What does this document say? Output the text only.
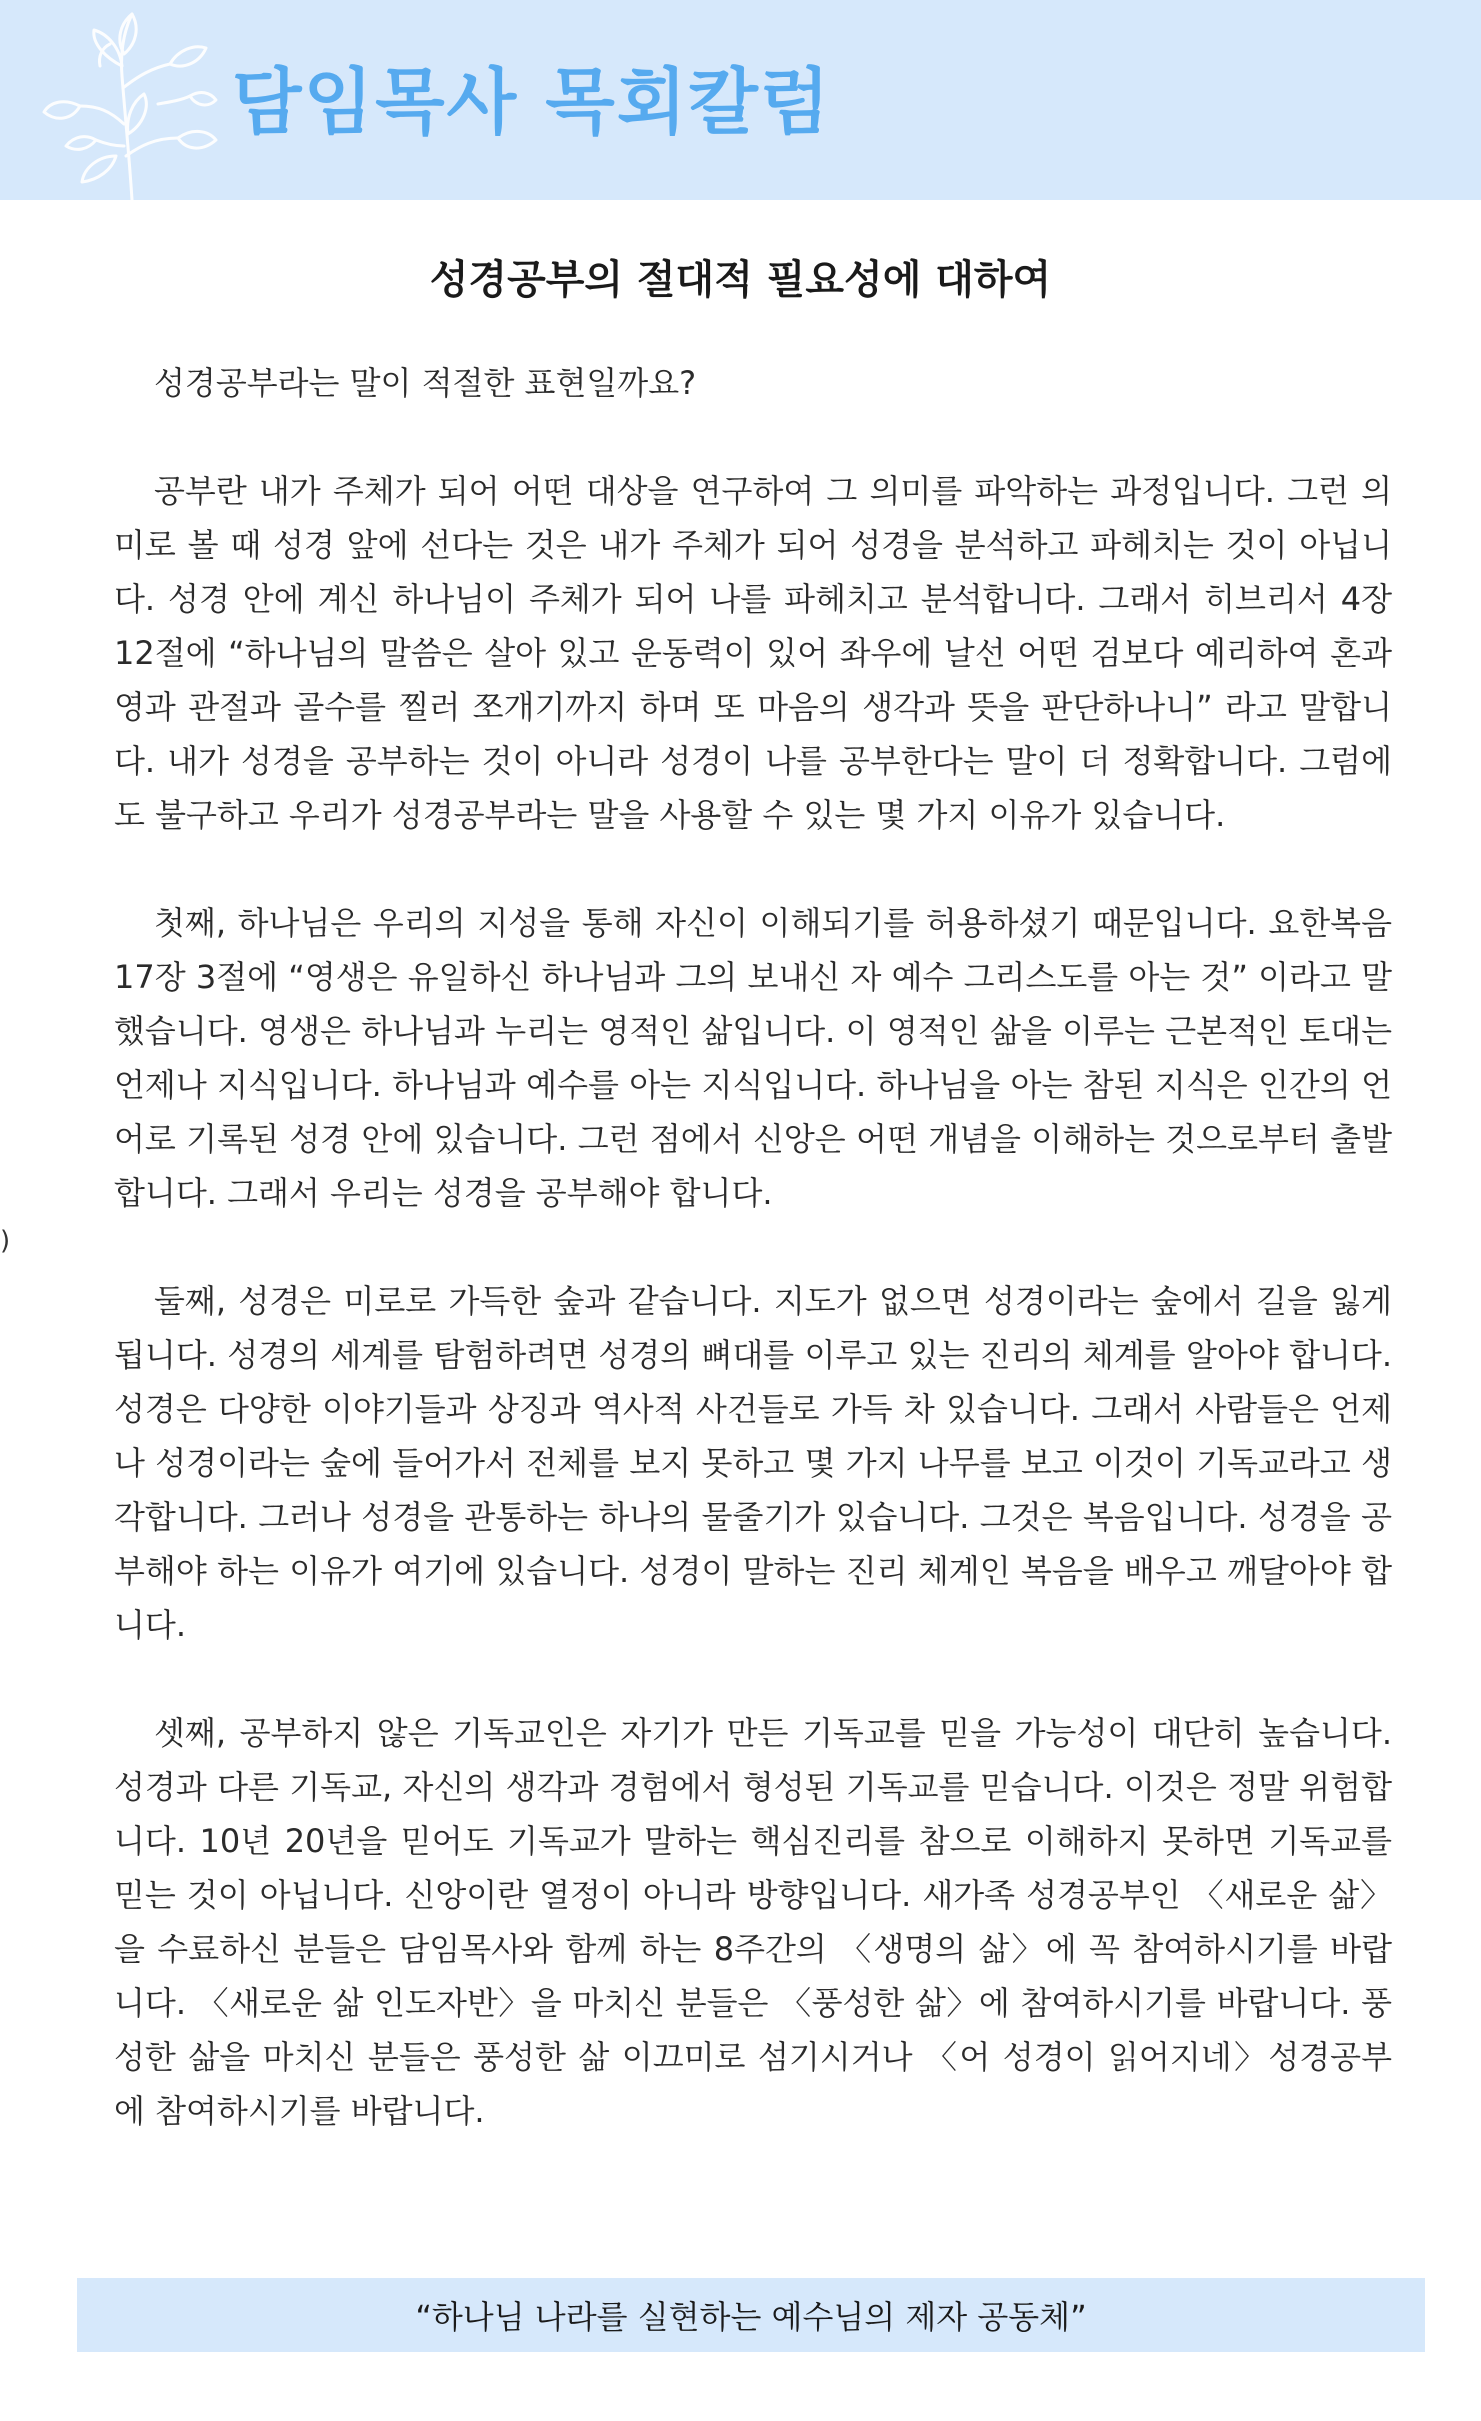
담임목사 목회칼럼
성경공부의 절대적 필요성에 대하여

성경공부라는 말이 적절한 표현일까요?

공부란 내가 주체가 되어 어떤 대상을 연구하여 그 의미를 파악하는 과정입니다. 그런 의미로 볼 때 성경 앞에 선다는 것은 내가 주체가 되어 성경을 분석하고 파헤치는 것이 아닙니다. 성경 안에 계신 하나님이 주체가 되어 나를 파헤치고 분석합니다. 그래서 히브리서 4장 12절에 “하나님의 말씀은 살아 있고 운동력이 있어 좌우에 날선 어떤 검보다 예리하여 혼과 영과 관절과 골수를 찔러 쪼개기까지 하며 또 마음의 생각과 뜻을 판단하나니” 라고 말합니다. 내가 성경을 공부하는 것이 아니라 성경이 나를 공부한다는 말이 더 정확합니다. 그럼에도 불구하고 우리가 성경공부라는 말을 사용할 수 있는 몇 가지 이유가 있습니다.

첫째, 하나님은 우리의 지성을 통해 자신이 이해되기를 허용하셨기 때문입니다. 요한복음 17장 3절에 “영생은 유일하신 하나님과 그의 보내신 자 예수 그리스도를 아는 것” 이라고 말했습니다. 영생은 하나님과 누리는 영적인 삶입니다. 이 영적인 삶을 이루는 근본적인 토대는 언제나 지식입니다. 하나님과 예수를 아는 지식입니다. 하나님을 아는 참된 지식은 인간의 언어로 기록된 성경 안에 있습니다. 그런 점에서 신앙은 어떤 개념을 이해하는 것으로부터 출발합니다. 그래서 우리는 성경을 공부해야 합니다.

둘째, 성경은 미로로 가득한 숲과 같습니다. 지도가 없으면 성경이라는 숲에서 길을 잃게 됩니다. 성경의 세계를 탐험하려면 성경의 뼈대를 이루고 있는 진리의 체계를 알아야 합니다. 성경은 다양한 이야기들과 상징과 역사적 사건들로 가득 차 있습니다. 그래서 사람들은 언제나 성경이라는 숲에 들어가서 전체를 보지 못하고 몇 가지 나무를 보고 이것이 기독교라고 생각합니다. 그러나 성경을 관통하는 하나의 물줄기가 있습니다. 그것은 복음입니다. 성경을 공부해야 하는 이유가 여기에 있습니다. 성경이 말하는 진리 체계인 복음을 배우고 깨달아야 합니다.

셋째, 공부하지 않은 기독교인은 자기가 만든 기독교를 믿을 가능성이 대단히 높습니다. 성경과 다른 기독교, 자신의 생각과 경험에서 형성된 기독교를 믿습니다. 이것은 정말 위험합니다. 10년 20년을 믿어도 기독교가 말하는 핵심진리를 참으로 이해하지 못하면 기독교를 믿는 것이 아닙니다. 신앙이란 열정이 아니라 방향입니다. 새가족 성경공부인 〈새로운 삶〉을 수료하신 분들은 담임목사와 함께 하는 8주간의 〈생명의 삶〉에 꼭 참여하시기를 바랍니다. 〈새로운 삶 인도자반〉을 마치신 분들은 〈풍성한 삶〉에 참여하시기를 바랍니다. 풍성한 삶을 마치신 분들은 풍성한 삶 이끄미로 섬기시거나 〈어 성경이 읽어지네〉성경공부에 참여하시기를 바랍니다.

)
“하나님 나라를 실현하는 예수님의 제자 공동체”
